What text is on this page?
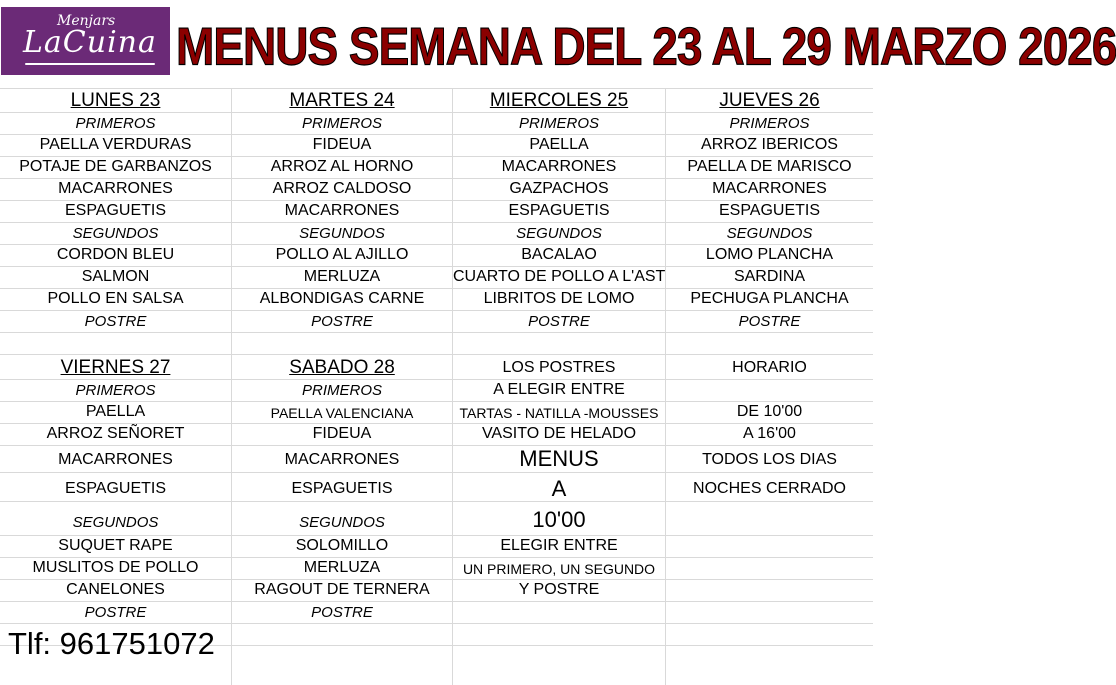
Menjars
LaCuina MENUS SEMANA DEL 23 AL 29 MARZO 2026
LUNES 23
PRIMEROS
PAELLA VERDURAS
POTAJE DE GARBANZOS
MACARRONES
ESPAGUETIS
SEGUNDOS
CORDON BLEU
SALMON
POLLO EN SALSA
POSTRE
MARTES 24
PRIMEROS
FIDEUA
ARROZ AL HORNO
ARROZ CALDOSO
MACARRONES
SEGUNDOS
POLLO AL AJILLO
MERLUZA
ALBONDIGAS CARNE
POSTRE
MIERCOLES 25
PRIMEROS
PAELLA
MACARRONES
GAZPACHOS
ESPAGUETIS
SEGUNDOS
BACALAO
CUARTO DE POLLO A L'AST
LIBRITOS DE LOMO
POSTRE
JUEVES 26
PRIMEROS
ARROZ IBERICOS
PAELLA DE MARISCO
MACARRONES
ESPAGUETIS
SEGUNDOS
LOMO PLANCHA
SARDINA
PECHUGA PLANCHA
POSTRE
VIERNES 27
PRIMEROS
PAELLA
ARROZ SEÑORET
MACARRONES
ESPAGUETIS
SEGUNDOS
SUQUET RAPE
MUSLITOS DE POLLO
CANELONES
POSTRE
SABADO 28
PRIMEROS
PAELLA VALENCIANA
FIDEUA
MACARRONES
ESPAGUETIS
SEGUNDOS
SOLOMILLO
MERLUZA
RAGOUT DE TERNERA
POSTRE
LOS POSTRES
A ELEGIR ENTRE
TARTAS - NATILLA -MOUSSES
VASITO DE HELADO
MENUS
A
10'00
ELEGIR ENTRE
UN PRIMERO, UN SEGUNDO
Y POSTRE
HORARIO
DE 10'00
A 16'00
TODOS LOS DIAS
NOCHES CERRADO
Tlf: 961751072
